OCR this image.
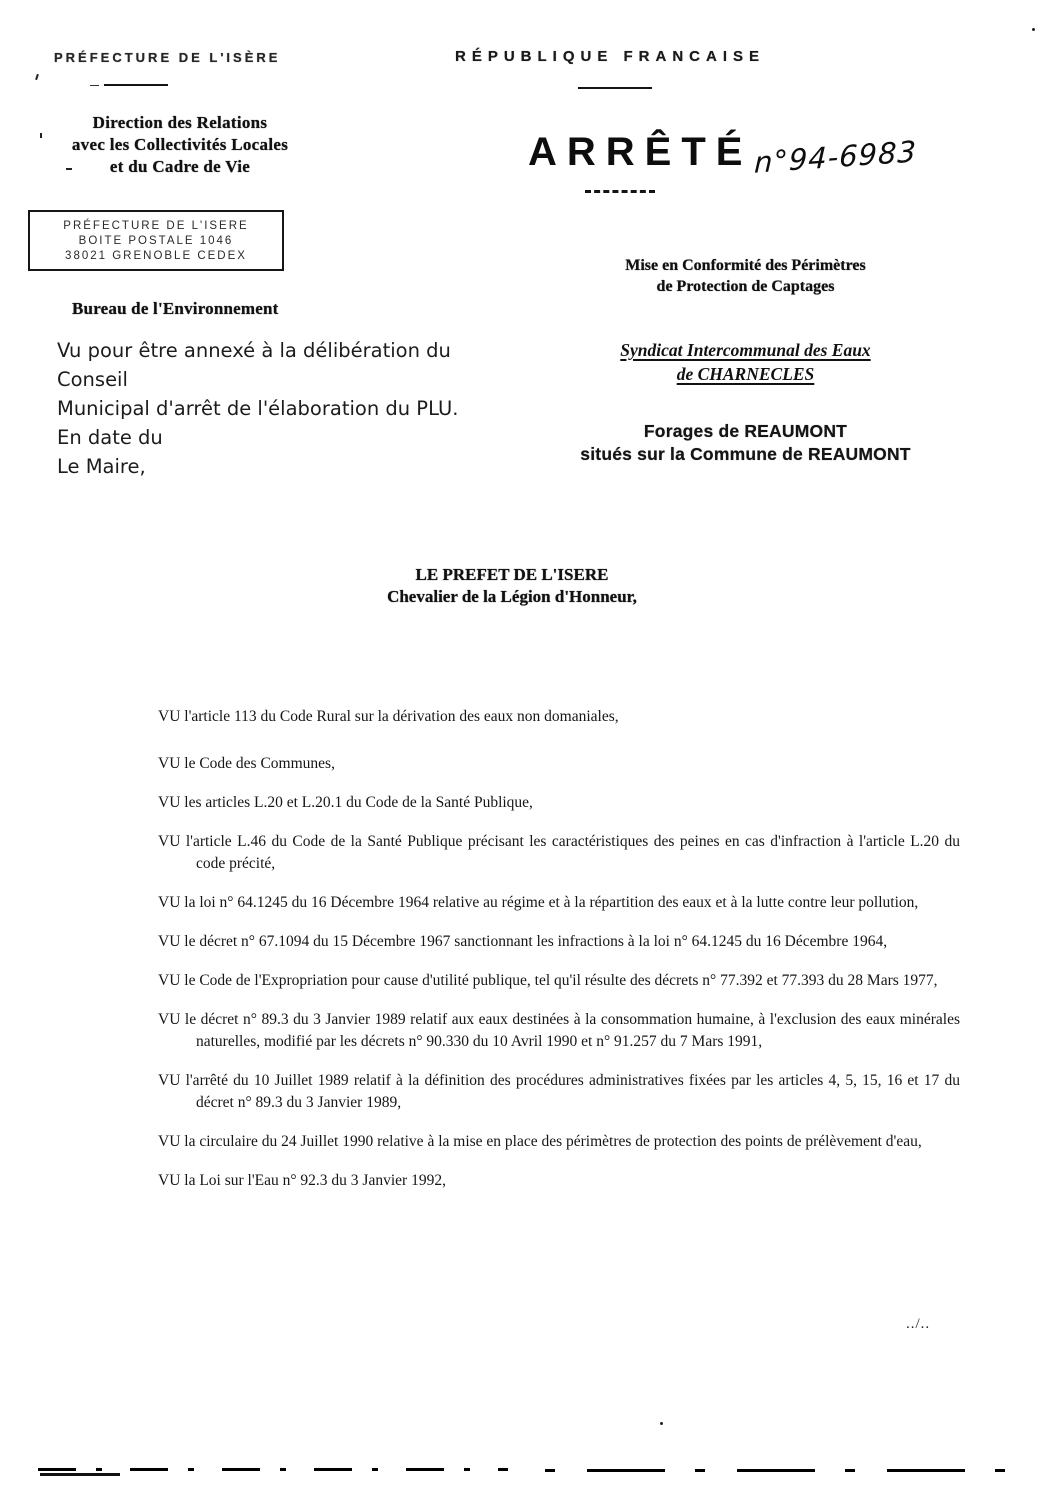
PRÉFECTURE DE L'ISÈRE	RÉPUBLIQUE FRANCAISE
Direction des Relations
avec les Collectivités Locales
et du Cadre de Vie
PRÉFECTURE DE L'ISERE
BOITE POSTALE 1046
38021 GRENOBLE CEDEX
ARRÊTÉ n°94-6983
Mise en Conformité des Périmètres
de Protection de Captages
Syndicat Intercommunal des Eaux
de CHARNECLES
Forages de REAUMONT
situés sur la Commune de REAUMONT
Bureau de l'Environnement
Vu pour être annexé à la délibération du Conseil
Municipal d'arrêt de l'élaboration du PLU.
En date du
Le Maire,
LE PREFET DE L'ISERE
Chevalier de la Légion d'Honneur,

VU l'article 113 du Code Rural sur la dérivation des eaux non domaniales,

VU le Code des Communes,

VU les articles L.20 et L.20.1 du Code de la Santé Publique,

VU l'article L.46 du Code de la Santé Publique précisant les caractéristiques des peines en cas d'infraction à l'article L.20 du code précité,

VU la loi n° 64.1245 du 16 Décembre 1964 relative au régime et à la répartition des eaux et à la lutte contre leur pollution,

VU le décret n° 67.1094 du 15 Décembre 1967 sanctionnant les infractions à la loi n° 64.1245 du 16 Décembre 1964,

VU le Code de l'Expropriation pour cause d'utilité publique, tel qu'il résulte des décrets n° 77.392 et 77.393 du 28 Mars 1977,

VU le décret n° 89.3 du 3 Janvier 1989 relatif aux eaux destinées à la consommation humaine, à l'exclusion des eaux minérales naturelles, modifié par les décrets n° 90.330 du 10 Avril 1990 et n° 91.257 du 7 Mars 1991,

VU l'arrêté du 10 Juillet 1989 relatif à la définition des procédures administratives fixées par les articles 4, 5, 15, 16 et 17 du décret n° 89.3 du 3 Janvier 1989,

VU la circulaire du 24 Juillet 1990 relative à la mise en place des périmètres de protection des points de prélèvement d'eau,

VU la Loi sur l'Eau n° 92.3 du 3 Janvier 1992,

../..
